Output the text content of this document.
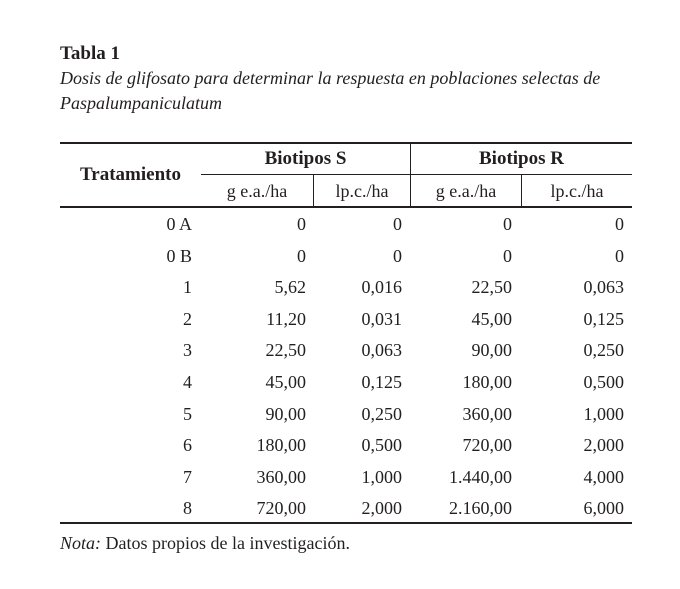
Tabla 1
Dosis de glifosato para determinar la respuesta en poblaciones selectas de Paspalumpaniculatum
Tratamiento
Biotipos S	Biotipos R
g e.a./ha	lp.c./ha	g e.a./ha	lp.c./ha
0 A	0	0	0	0
0 B	0	0	0	0
1	5,62	0,016	22,50	0,063
2	11,20	0,031	45,00	0,125
3	22,50	0,063	90,00	0,250
4	45,00	0,125	180,00	0,500
5	90,00	0,250	360,00	1,000
6	180,00	0,500	720,00	2,000
7	360,00	1,000	1.440,00	4,000
8	720,00	2,000	2.160,00	6,000
Nota: Datos propios de la investigación.
